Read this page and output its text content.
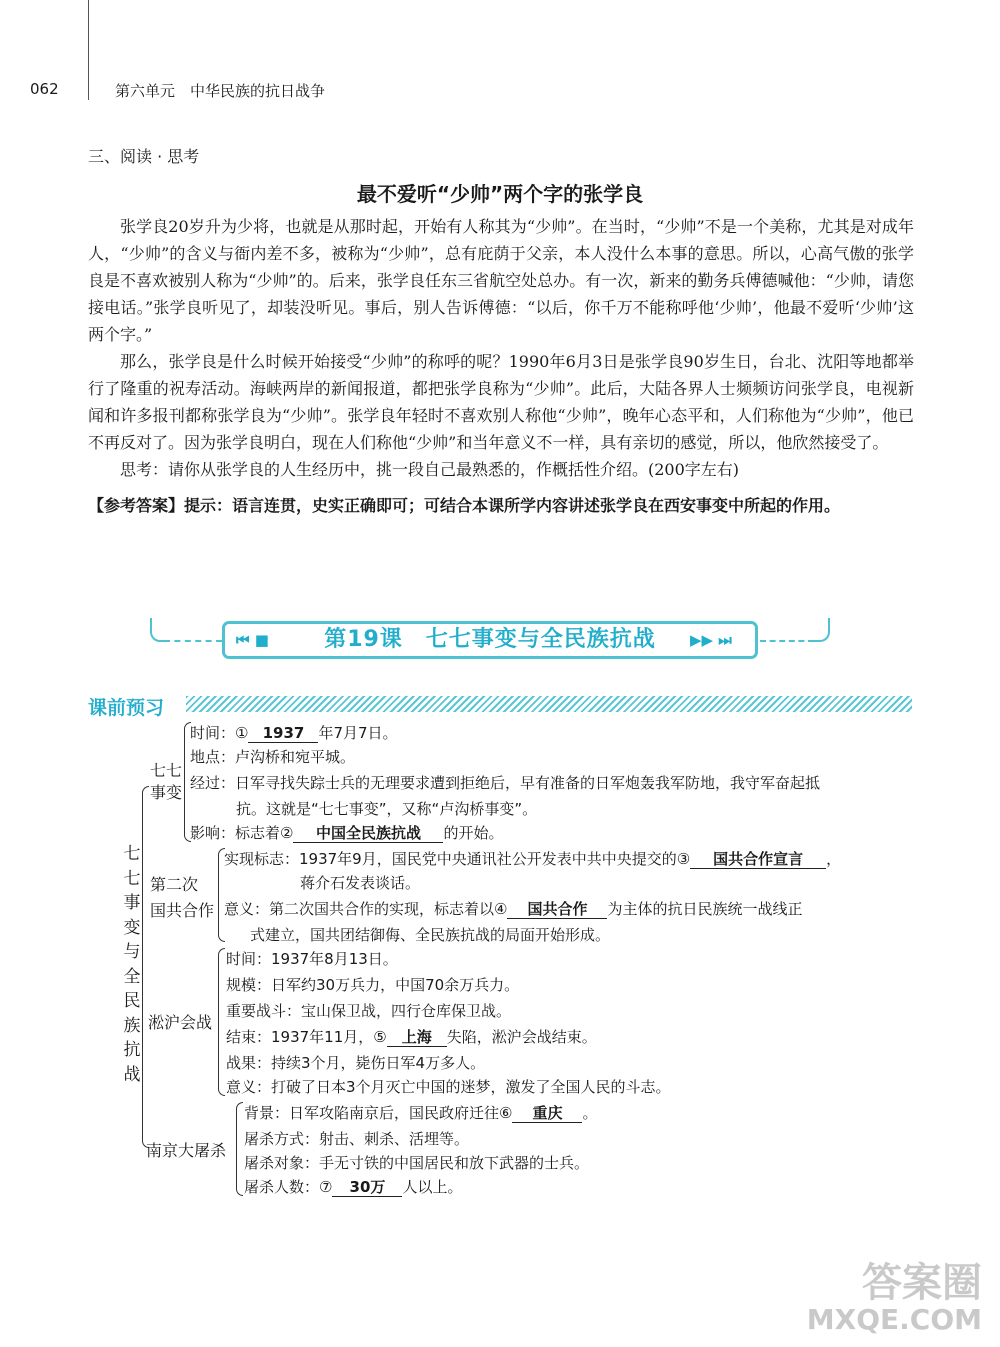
062	第六单元　中华民族的抗日战争
三、阅读 · 思考
最不爱听“少帅”两个字的张学良

张学良20岁升为少将，也就是从那时起，开始有人称其为“少帅”。在当时，“少帅”不是一个美称，尤其是对成年人，“少帅”的含义与衙内差不多，被称为“少帅”，总有庇荫于父亲，本人没什么本事的意思。所以，心高气傲的张学良是不喜欢被别人称为“少帅”的。后来，张学良任东三省航空处总办。有一次，新来的勤务兵傅德喊他：“少帅，请您接电话。”张学良听见了，却装没听见。事后，别人告诉傅德：“以后，你千万不能称呼他‘少帅’，他最不爱听‘少帅’这两个字。”

那么，张学良是什么时候开始接受“少帅”的称呼的呢？1990年6月3日是张学良90岁生日，台北、沈阳等地都举行了隆重的祝寿活动。海峡两岸的新闻报道，都把张学良称为“少帅”。此后，大陆各界人士频频访问张学良，电视新闻和许多报刊都称张学良为“少帅”。张学良年轻时不喜欢别人称他“少帅”，晚年心态平和，人们称他为“少帅”，他已不再反对了。因为张学良明白，现在人们称他“少帅”和当年意义不一样，具有亲切的感觉，所以，他欣然接受了。

思考：请你从张学良的人生经历中，挑一段自己最熟悉的，作概括性介绍。(200字左右)

【参考答案】提示：语言连贯，史实正确即可；可结合本课所学内容讲述张学良在西安事变中所起的作用。
⏮ ■	第19课　七七事变与全民族抗战	▶▶ ⏭
课前预习
七
七
事
变
与
全
民
族
抗
战
七七
事变
时间：① 1937 年7月7日。
地点：卢沟桥和宛平城。
经过：日军寻找失踪士兵的无理要求遭到拒绝后，早有准备的日军炮轰我军防地，我守军奋起抵
抗。这就是“七七事变”，又称“卢沟桥事变”。
影响：标志着② 中国全民族抗战 的开始。
第二次
国共合作
实现标志：1937年9月，国民党中央通讯社公开发表中共中央提交的③ 国共合作宣言 ，
蒋介石发表谈话。
意义：第二次国共合作的实现，标志着以④ 国共合作 为主体的抗日民族统一战线正
式建立，国共团结御侮、全民族抗战的局面开始形成。
淞沪会战
时间：1937年8月13日。
规模：日军约30万兵力，中国70余万兵力。
重要战斗：宝山保卫战，四行仓库保卫战。
结束：1937年11月，⑤ 上海 失陷，淞沪会战结束。
战果：持续3个月，毙伤日军4万多人。
意义：打破了日本3个月灭亡中国的迷梦，激发了全国人民的斗志。
南京大屠杀
背景：日军攻陷南京后，国民政府迁往⑥ 重庆 。
屠杀方式：射击、刺杀、活埋等。
屠杀对象：手无寸铁的中国居民和放下武器的士兵。
屠杀人数：⑦ 30万 人以上。
答案圈
MXQE.COM
